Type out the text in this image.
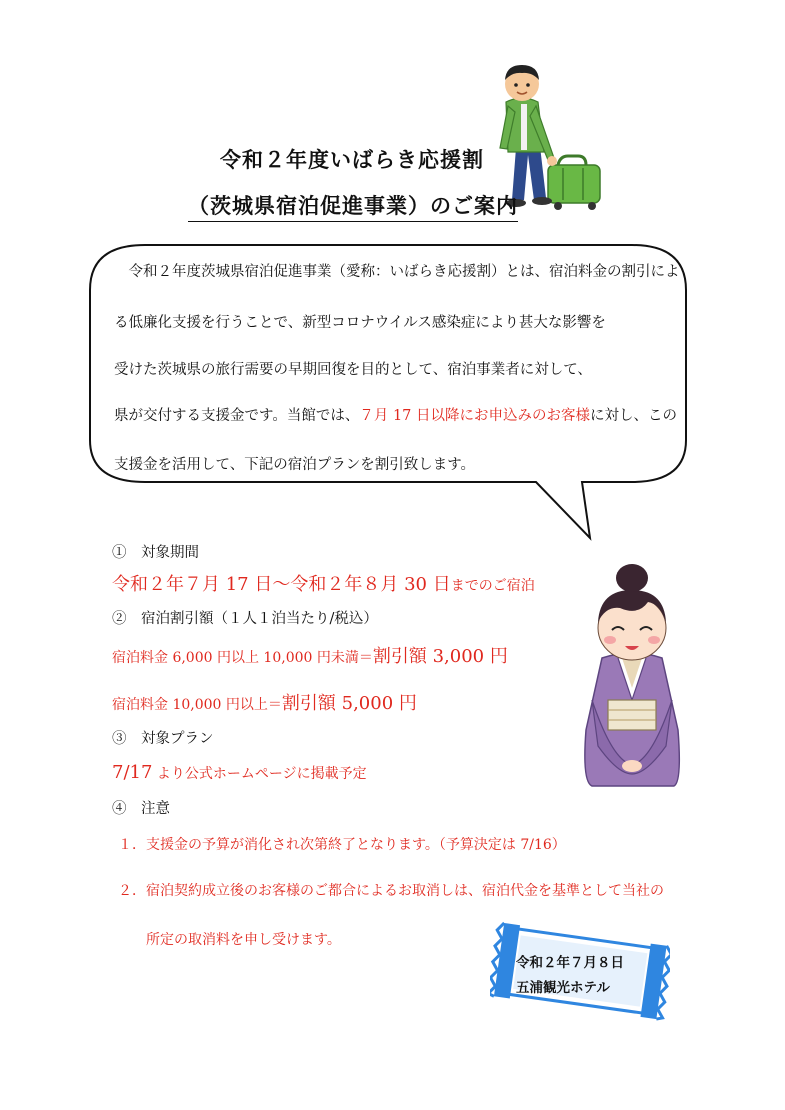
令和２年度いばらき応援割
（茨城県宿泊促進事業）のご案内
　令和２年度茨城県宿泊促進事業（愛称：いばらき応援割）とは、宿泊料金の割引によ
る低廉化支援を行うことで、新型コロナウイルス感染症により甚大な影響を
受けた茨城県の旅行需要の早期回復を目的として、宿泊事業者に対して、
県が交付する支援金です。当館では、７月 17 日以降にお申込みのお客様に対し、この
支援金を活用して、下記の宿泊プランを割引致します。
①　対象期間
令和２年７月 17 日～令和２年８月 30 日までのご宿泊
②　宿泊割引額（１人１泊当たり/税込）
宿泊料金 6,000 円以上 10,000 円未満＝割引額 3,000 円
宿泊料金 10,000 円以上＝割引額 5,000 円
③　対象プラン
7/17 より公式ホームページに掲載予定
④　注意
１．支援金の予算が消化され次第終了となります。（予算決定は 7/16）
２．宿泊契約成立後のお客様のご都合によるお取消しは、宿泊代金を基準として当社の
所定の取消料を申し受けます。
令和２年７月８日
五浦観光ホテル
